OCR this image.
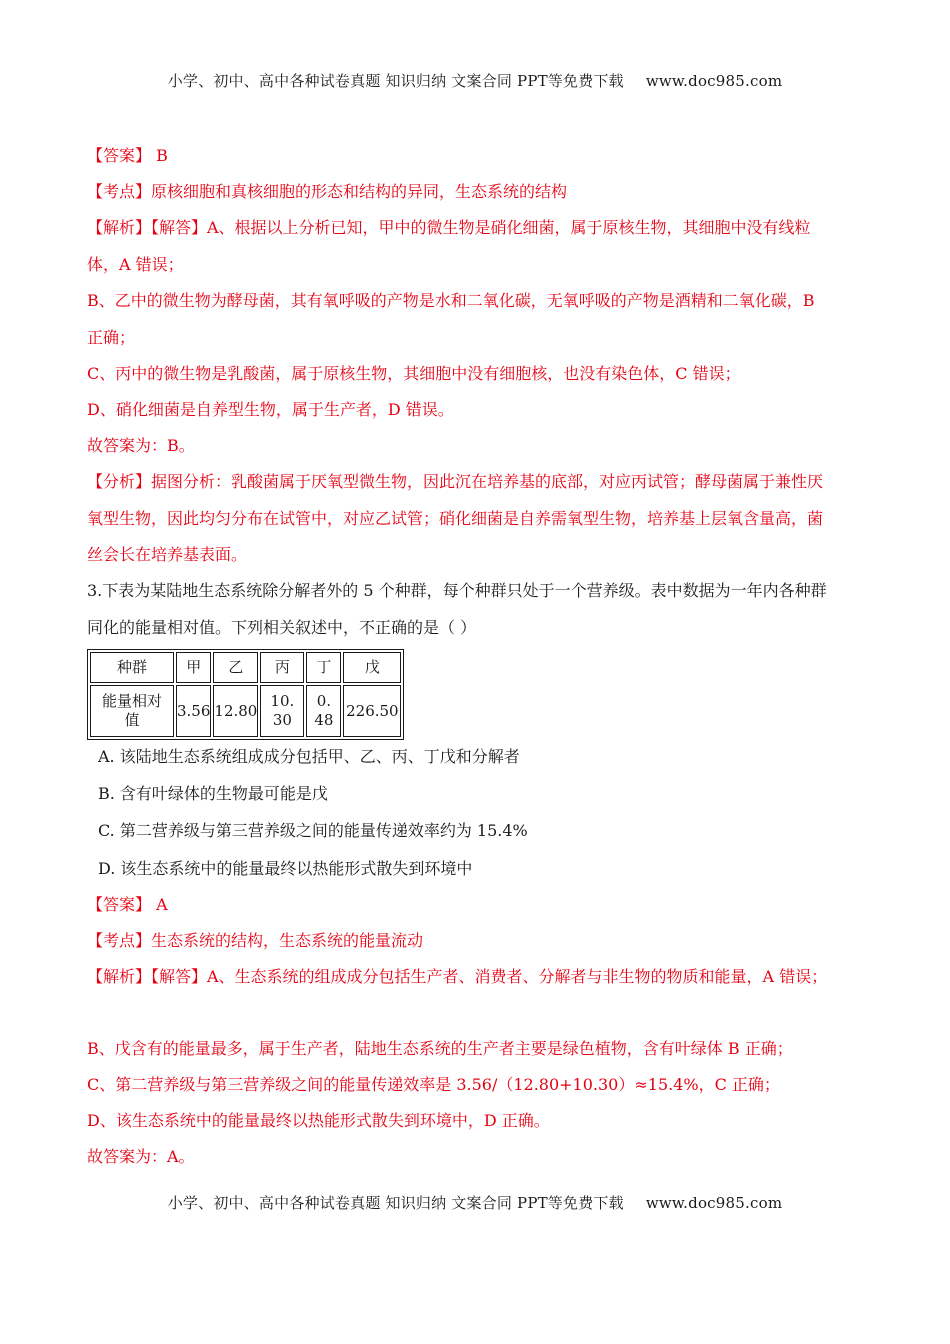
小学、初中、高中各种试卷真题 知识归纳 文案合同 PPT等免费下载 www.doc985.com
【答案】 B
【考点】原核细胞和真核细胞的形态和结构的异同，生态系统的结构
【解析】【解答】A、根据以上分析已知，甲中的微生物是硝化细菌，属于原核生物，其细胞中没有线粒
体，A 错误；
B、乙中的微生物为酵母菌，其有氧呼吸的产物是水和二氧化碳，无氧呼吸的产物是酒精和二氧化碳，B
正确；
C、丙中的微生物是乳酸菌，属于原核生物，其细胞中没有细胞核，也没有染色体，C 错误；
D、硝化细菌是自养型生物，属于生产者，D 错误。
故答案为：B。
【分析】据图分析：乳酸菌属于厌氧型微生物，因此沉在培养基的底部，对应丙试管；酵母菌属于兼性厌
氧型生物，因此均匀分布在试管中，对应乙试管；硝化细菌是自养需氧型生物，培养基上层氧含量高，菌
丝会长在培养基表面。
3.下表为某陆地生态系统除分解者外的 5 个种群，每个种群只处于一个营养级。表中数据为一年内各种群
同化的能量相对值。下列相关叙述中，不正确的是（ ）
种群	甲	乙	丙	丁	戊
能量相对
值	3.56	12.80	10.
30	0. 48	226.50
A. 该陆地生态系统组成成分包括甲、乙、丙、丁戊和分解者
B. 含有叶绿体的生物最可能是戊
C. 第二营养级与第三营养级之间的能量传递效率约为 15.4%
D. 该生态系统中的能量最终以热能形式散失到环境中
【答案】 A
【考点】生态系统的结构，生态系统的能量流动
【解析】【解答】A、生态系统的组成成分包括生产者、消费者、分解者与非生物的物质和能量，A 错误；
B、戊含有的能量最多，属于生产者，陆地生态系统的生产者主要是绿色植物，含有叶绿体 B 正确；
C、第二营养级与第三营养级之间的能量传递效率是 3.56/（12.80+10.30）≈15.4%，C 正确；
D、该生态系统中的能量最终以热能形式散失到环境中，D 正确。
故答案为：A。
小学、初中、高中各种试卷真题 知识归纳 文案合同 PPT等免费下载 www.doc985.com
